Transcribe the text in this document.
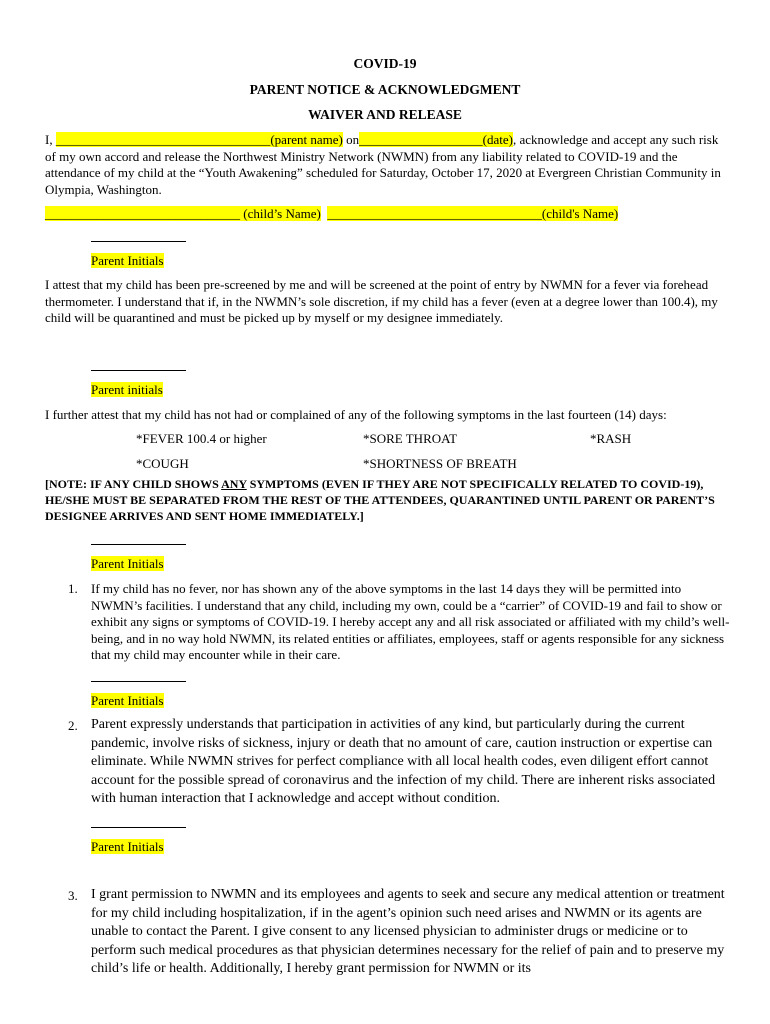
COVID-19
PARENT NOTICE & ACKNOWLEDGMENT
WAIVER AND RELEASE
I, _________________________________(parent name) on___________________(date), acknowledge and accept any such risk of my own accord and release the Northwest Ministry Network (NWMN) from any liability related to COVID-19 and the attendance of my child at the “Youth Awakening” scheduled for Saturday, October 17, 2020 at Evergreen Christian Community in Olympia, Washington.
______________________________ (child’s Name) _________________________________(child's Name)
Parent Initials
I attest that my child has been pre-screened by me and will be screened at the point of entry by NWMN for a fever via forehead thermometer. I understand that if, in the NWMN’s sole discretion, if my child has a fever (even at a degree lower than 100.4), my child will be quarantined and must be picked up by myself or my designee immediately.
Parent initials
I further attest that my child has not had or complained of any of the following symptoms in the last fourteen (14) days:
*FEVER 100.4 or higher	*SORE THROAT	*RASH
*COUGH	*SHORTNESS OF BREATH
[NOTE: IF ANY CHILD SHOWS ANY SYMPTOMS (EVEN IF THEY ARE NOT SPECIFICALLY RELATED TO COVID-19), HE/SHE MUST BE SEPARATED FROM THE REST OF THE ATTENDEES, QUARANTINED UNTIL PARENT OR PARENT’S DESIGNEE ARRIVES AND SENT HOME IMMEDIATELY.]
Parent Initials
1. If my child has no fever, nor has shown any of the above symptoms in the last 14 days they will be permitted into NWMN’s facilities. I understand that any child, including my own, could be a “carrier” of COVID-19 and fail to show or exhibit any signs or symptoms of COVID-19. I hereby accept any and all risk associated or affiliated with my child’s well-being, and in no way hold NWMN, its related entities or affiliates, employees, staff or agents responsible for any sickness that my child may encounter while in their care.
Parent Initials
2. Parent expressly understands that participation in activities of any kind, but particularly during the current pandemic, involve risks of sickness, injury or death that no amount of care, caution instruction or expertise can eliminate. While NWMN strives for perfect compliance with all local health codes, even diligent effort cannot account for the possible spread of coronavirus and the infection of my child. There are inherent risks associated with human interaction that I acknowledge and accept without condition.
Parent Initials
3. I grant permission to NWMN and its employees and agents to seek and secure any medical attention or treatment for my child including hospitalization, if in the agent’s opinion such need arises and NWMN or its agents are unable to contact the Parent. I give consent to any licensed physician to administer drugs or medicine or to perform such medical procedures as that physician determines necessary for the relief of pain and to preserve my child’s life or health. Additionally, I hereby grant permission for NWMN or its
